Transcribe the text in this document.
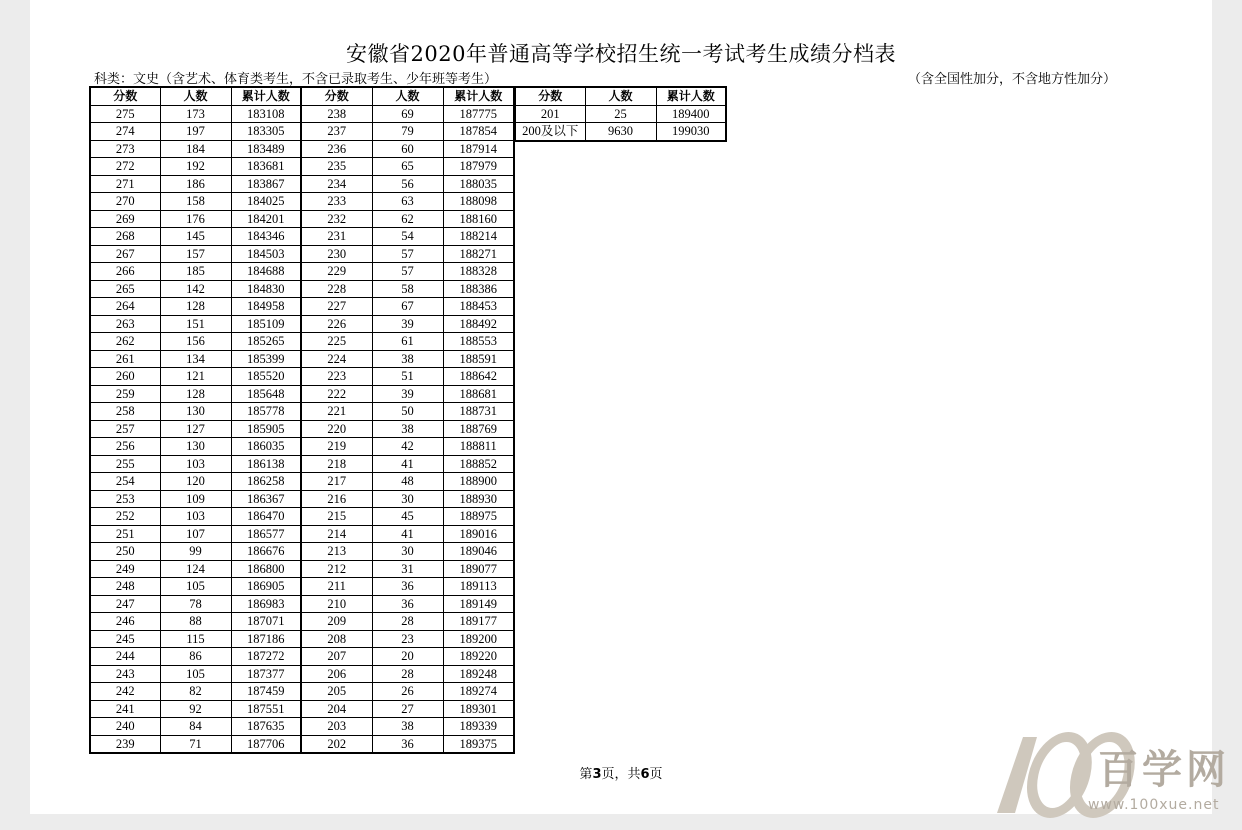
安徽省2020年普通高等学校招生统一考试考生成绩分档表
科类：文史（含艺术、体育类考生，不含已录取考生、少年班等考生）	（含全国性加分，不含地方性加分）
分数	人数	累计人数	分数	人数	累计人数
275	173	183108	238	69	187775
274	197	183305	237	79	187854
273	184	183489	236	60	187914
272	192	183681	235	65	187979
271	186	183867	234	56	188035
270	158	184025	233	63	188098
269	176	184201	232	62	188160
268	145	184346	231	54	188214
267	157	184503	230	57	188271
266	185	184688	229	57	188328
265	142	184830	228	58	188386
264	128	184958	227	67	188453
263	151	185109	226	39	188492
262	156	185265	225	61	188553
261	134	185399	224	38	188591
260	121	185520	223	51	188642
259	128	185648	222	39	188681
258	130	185778	221	50	188731
257	127	185905	220	38	188769
256	130	186035	219	42	188811
255	103	186138	218	41	188852
254	120	186258	217	48	188900
253	109	186367	216	30	188930
252	103	186470	215	45	188975
251	107	186577	214	41	189016
250	99	186676	213	30	189046
249	124	186800	212	31	189077
248	105	186905	211	36	189113
247	78	186983	210	36	189149
246	88	187071	209	28	189177
245	115	187186	208	23	189200
244	86	187272	207	20	189220
243	105	187377	206	28	189248
242	82	187459	205	26	189274
241	92	187551	204	27	189301
240	84	187635	203	38	189339
239	71	187706	202	36	189375
分数	人数	累计人数
201	25	189400
200及以下	9630	199030
第3页，共6页	百学网
www.100xue.net
